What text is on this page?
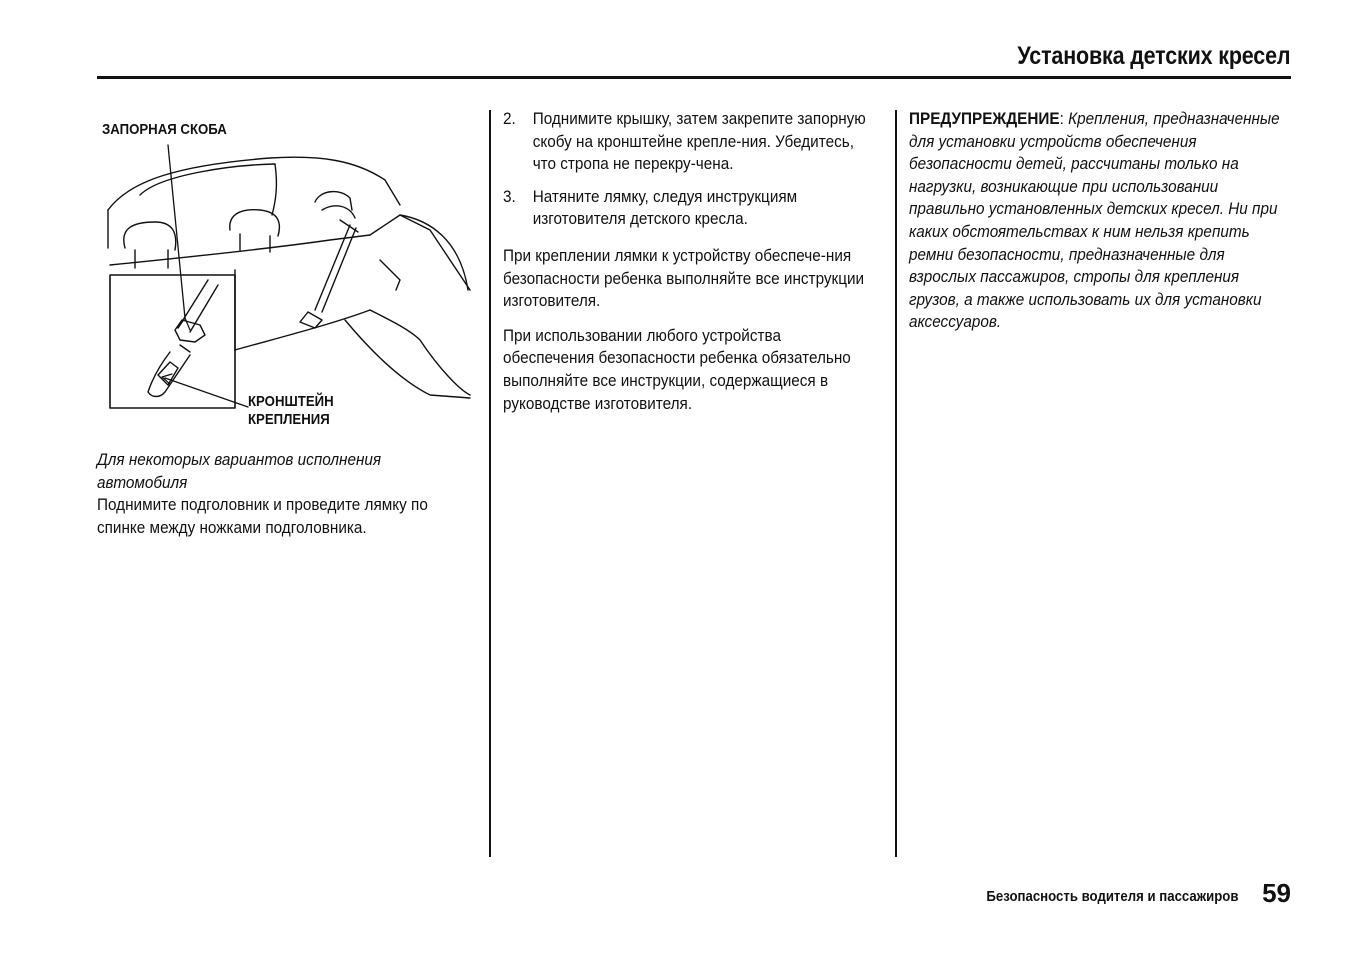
Установка детских кресел
ЗАПОРНАЯ СКОБА
КРОНШТЕЙН
КРЕПЛЕНИЯ

Для некоторых вариантов исполнения автомобиля

Поднимите подголовник и проведите лямку по спинке между ножками подголовника.

2. Поднимите крышку, затем закрепите запорную скобу на кронштейне крепле-ния. Убедитесь, что стропа не перекру-чена.
3. Натяните лямку, следуя инструкциям изготовителя детского кресла.

При креплении лямки к устройству обеспече-ния безопасности ребенка выполняйте все инструкции изготовителя.

При использовании любого устройства обеспечения безопасности ребенка обязательно выполняйте все инструкции, содержащиеся в руководстве изготовителя.

ПРЕДУПРЕЖДЕНИЕ: Крепления, предназначенные для установки устройств обеспечения безопасности детей, рассчитаны только на нагрузки, возникающие при использовании правильно установленных детских кресел. Ни при каких обстоятельствах к ним нельзя крепить ремни безопасности, предназначенные для взрослых пассажиров, стропы для крепления грузов, а также использовать их для установки аксессуаров.

Безопасность водителя и пассажиров 59
